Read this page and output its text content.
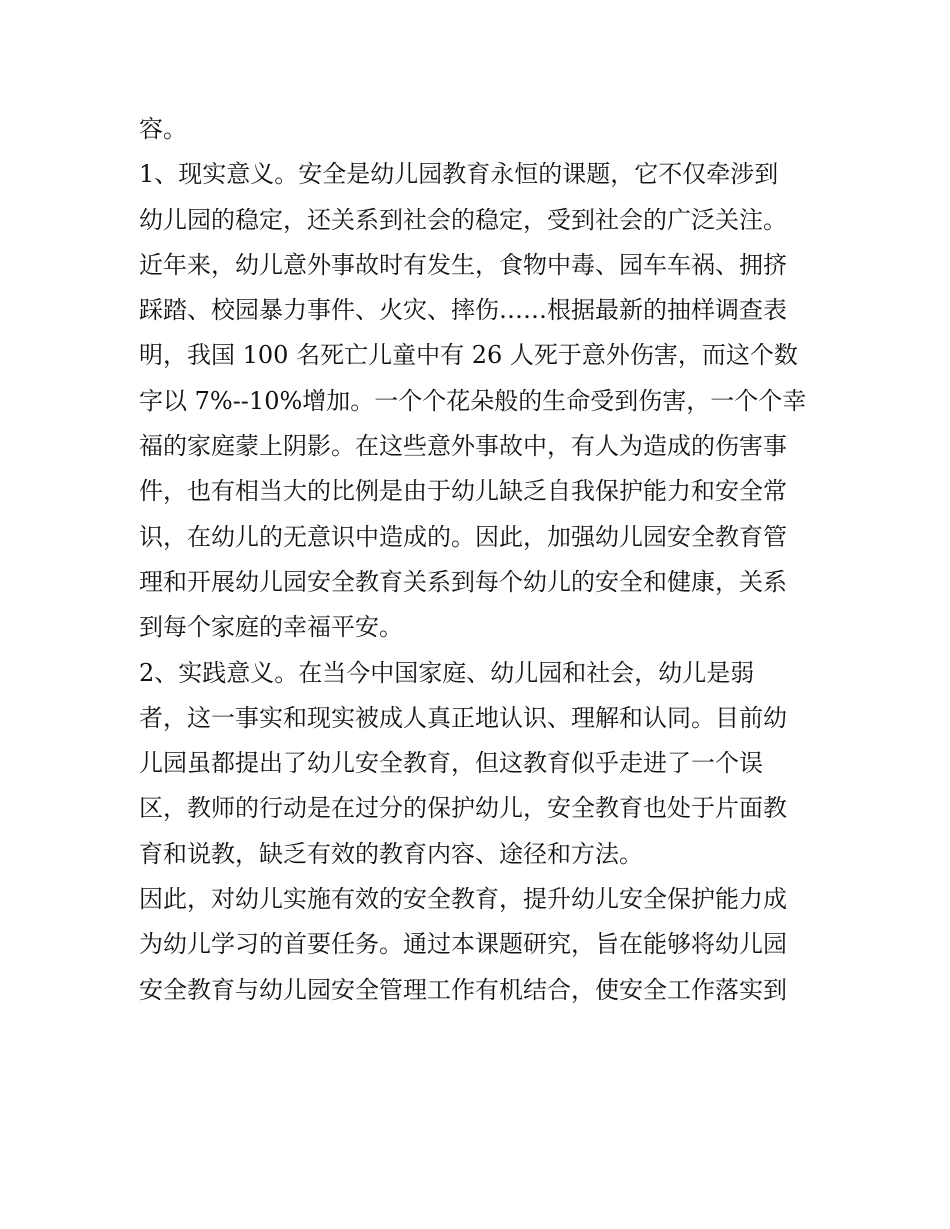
容。
1、现实意义。安全是幼儿园教育永恒的课题，它不仅牵涉到
幼儿园的稳定，还关系到社会的稳定，受到社会的广泛关注。
近年来，幼儿意外事故时有发生，食物中毒、园车车祸、拥挤
踩踏、校园暴力事件、火灾、摔伤……根据最新的抽样调查表
明，我国 100 名死亡儿童中有 26 人死于意外伤害，而这个数
字以 7%--10%增加。一个个花朵般的生命受到伤害，一个个幸
福的家庭蒙上阴影。在这些意外事故中，有人为造成的伤害事
件，也有相当大的比例是由于幼儿缺乏自我保护能力和安全常
识，在幼儿的无意识中造成的。因此，加强幼儿园安全教育管
理和开展幼儿园安全教育关系到每个幼儿的安全和健康，关系
到每个家庭的幸福平安。
2、实践意义。在当今中国家庭、幼儿园和社会，幼儿是弱
者，这一事实和现实被成人真正地认识、理解和认同。目前幼
儿园虽都提出了幼儿安全教育，但这教育似乎走进了一个误
区，教师的行动是在过分的保护幼儿，安全教育也处于片面教
育和说教，缺乏有效的教育内容、途径和方法。
因此，对幼儿实施有效的安全教育，提升幼儿安全保护能力成
为幼儿学习的首要任务。通过本课题研究，旨在能够将幼儿园
安全教育与幼儿园安全管理工作有机结合，使安全工作落实到
